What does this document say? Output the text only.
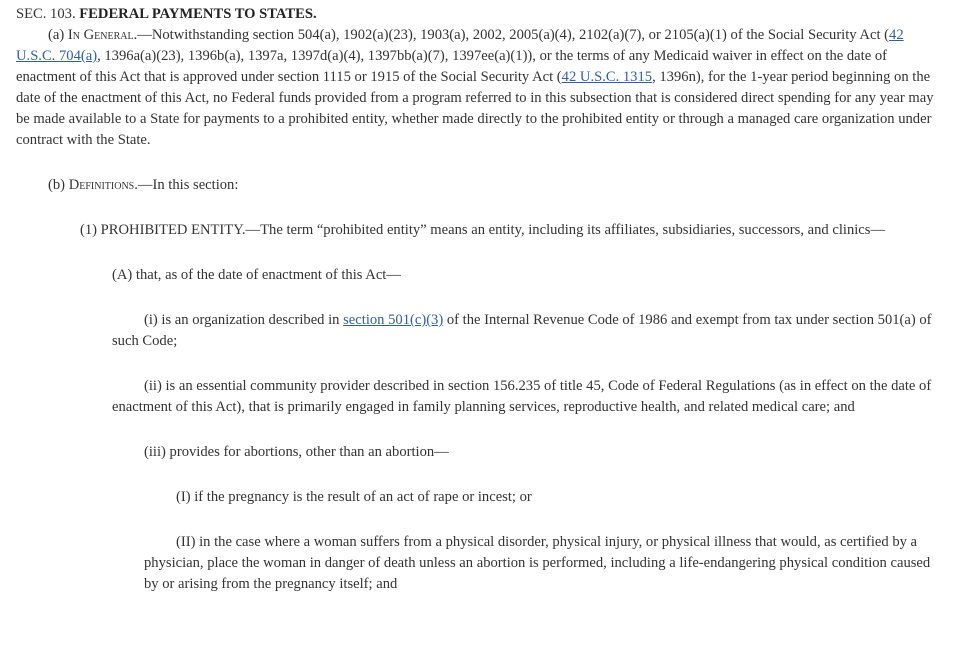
SEC. 103. FEDERAL PAYMENTS TO STATES.

(a) In General.—Notwithstanding section 504(a), 1902(a)(23), 1903(a), 2002, 2005(a)(4), 2102(a)(7), or 2105(a)(1) of the Social Security Act (42 U.S.C. 704(a), 1396a(a)(23), 1396b(a), 1397a, 1397d(a)(4), 1397bb(a)(7), 1397ee(a)(1)), or the terms of any Medicaid waiver in effect on the date of enactment of this Act that is approved under section 1115 or 1915 of the Social Security Act (42 U.S.C. 1315, 1396n), for the 1-year period beginning on the date of the enactment of this Act, no Federal funds provided from a program referred to in this subsection that is considered direct spending for any year may be made available to a State for payments to a prohibited entity, whether made directly to the prohibited entity or through a managed care organization under contract with the State.

(b) Definitions.—In this section:

(1) PROHIBITED ENTITY.—The term “prohibited entity” means an entity, including its affiliates, subsidiaries, successors, and clinics—

(A) that, as of the date of enactment of this Act—

(i) is an organization described in section 501(c)(3) of the Internal Revenue Code of 1986 and exempt from tax under section 501(a) of such Code;

(ii) is an essential community provider described in section 156.235 of title 45, Code of Federal Regulations (as in effect on the date of enactment of this Act), that is primarily engaged in family planning services, reproductive health, and related medical care; and

(iii) provides for abortions, other than an abortion—

(I) if the pregnancy is the result of an act of rape or incest; or

(II) in the case where a woman suffers from a physical disorder, physical injury, or physical illness that would, as certified by a physician, place the woman in danger of death unless an abortion is performed, including a life-endangering physical condition caused by or arising from the pregnancy itself; and
